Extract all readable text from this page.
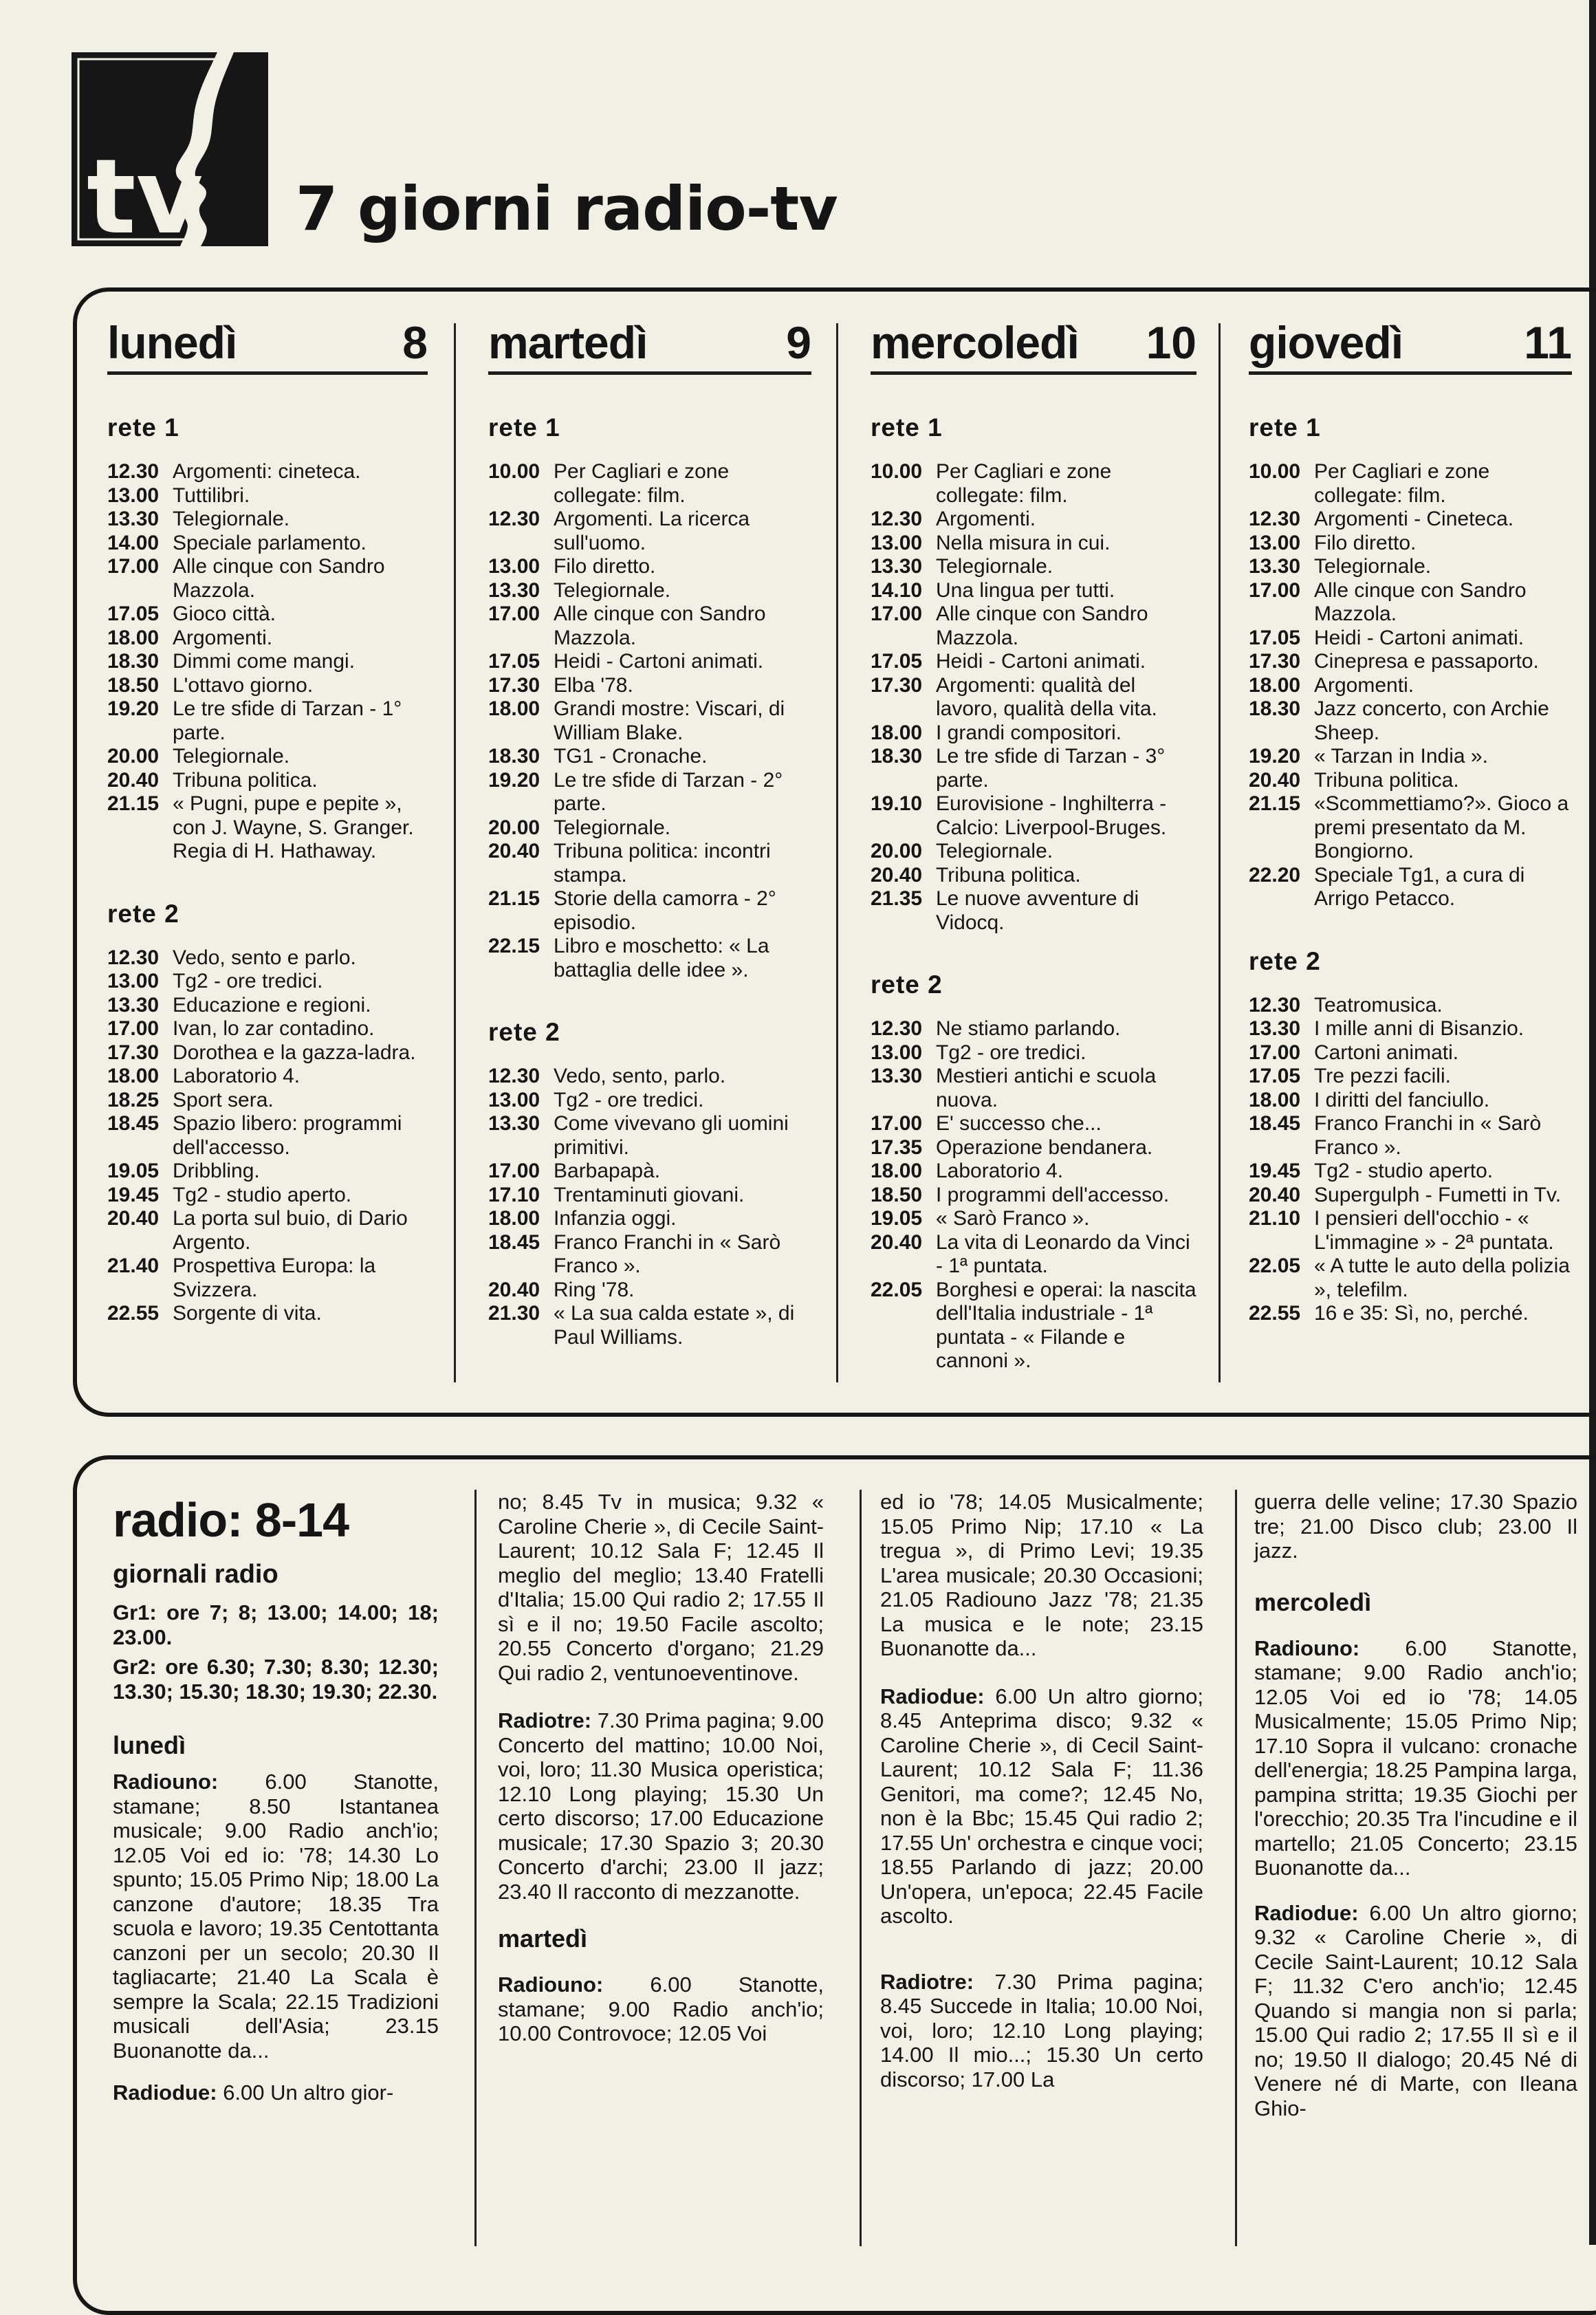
tv 7 giorni radio-tv
lunedì	8
rete 1
12.30 Argomenti: cineteca.
13.00 Tuttilibri.
13.30 Telegiornale.
14.00 Speciale parlamento.
17.00 Alle cinque con Sandro Mazzola.
17.05 Gioco città.
18.00 Argomenti.
18.30 Dimmi come mangi.
18.50 L'ottavo giorno.
19.20 Le tre sfide di Tarzan - 1° parte.
20.00 Telegiornale.
20.40 Tribuna politica.
21.15 « Pugni, pupe e pepite », con J. Wayne, S. Granger. Regia di H. Hathaway.
rete 2
12.30 Vedo, sento e parlo.
13.00 Tg2 - ore tredici.
13.30 Educazione e regioni.
17.00 Ivan, lo zar contadino.
17.30 Dorothea e la gazza-ladra.
18.00 Laboratorio 4.
18.25 Sport sera.
18.45 Spazio libero: programmi dell'accesso.
19.05 Dribbling.
19.45 Tg2 - studio aperto.
20.40 La porta sul buio, di Dario Argento.
21.40 Prospettiva Europa: la Svizzera.
22.55 Sorgente di vita.
martedì	9
rete 1
10.00 Per Cagliari e zone collegate: film.
12.30 Argomenti. La ricerca sull'uomo.
13.00 Filo diretto.
13.30 Telegiornale.
17.00 Alle cinque con Sandro Mazzola.
17.05 Heidi - Cartoni animati.
17.30 Elba '78.
18.00 Grandi mostre: Viscari, di William Blake.
18.30 TG1 - Cronache.
19.20 Le tre sfide di Tarzan - 2° parte.
20.00 Telegiornale.
20.40 Tribuna politica: incontri stampa.
21.15 Storie della camorra - 2° episodio.
22.15 Libro e moschetto: « La battaglia delle idee ».
rete 2
12.30 Vedo, sento, parlo.
13.00 Tg2 - ore tredici.
13.30 Come vivevano gli uomini primitivi.
17.00 Barbapapà.
17.10 Trentaminuti giovani.
18.00 Infanzia oggi.
18.45 Franco Franchi in « Sarò Franco ».
20.40 Ring '78.
21.30 « La sua calda estate », di Paul Williams.
mercoledì 10
rete 1
10.00 Per Cagliari e zone collegate: film.
12.30 Argomenti.
13.00 Nella misura in cui.
13.30 Telegiornale.
14.10 Una lingua per tutti.
17.00 Alle cinque con Sandro Mazzola.
17.05 Heidi - Cartoni animati.
17.30 Argomenti: qualità del lavoro, qualità della vita.
18.00 I grandi compositori.
18.30 Le tre sfide di Tarzan - 3° parte.
19.10 Eurovisione - Inghilterra - Calcio: Liverpool-Bruges.
20.00 Telegiornale.
20.40 Tribuna politica.
21.35 Le nuove avventure di Vidocq.
rete 2
12.30 Ne stiamo parlando.
13.00 Tg2 - ore tredici.
13.30 Mestieri antichi e scuola nuova.
17.00 E' successo che...
17.35 Operazione bendanera.
18.00 Laboratorio 4.
18.50 I programmi dell'accesso.
19.05 « Sarò Franco ».
20.40 La vita di Leonardo da Vinci - 1ª puntata.
22.05 Borghesi e operai: la nascita dell'Italia industriale - 1ª puntata - « Filande e cannoni ».
giovedì	11
rete 1
10.00 Per Cagliari e zone collegate: film.
12.30 Argomenti - Cineteca.
13.00 Filo diretto.
13.30 Telegiornale.
17.00 Alle cinque con Sandro Mazzola.
17.05 Heidi - Cartoni animati.
17.30 Cinepresa e passaporto.
18.00 Argomenti.
18.30 Jazz concerto, con Archie Sheep.
19.20 « Tarzan in India ».
20.40 Tribuna politica.
21.15 «Scommettiamo?». Gioco a premi presentato da M. Bongiorno.
22.20 Speciale Tg1, a cura di Arrigo Petacco.
rete 2
12.30 Teatromusica.
13.30 I mille anni di Bisanzio.
17.00 Cartoni animati.
17.05 Tre pezzi facili.
18.00 I diritti del fanciullo.
18.45 Franco Franchi in « Sarò Franco ».
19.45 Tg2 - studio aperto.
20.40 Supergulph - Fumetti in Tv.
21.10 I pensieri dell'occhio - « L'immagine » - 2ª puntata.
22.05 « A tutte le auto della polizia », telefilm.
22.55 16 e 35: Sì, no, perché.
radio: 8-14
giornali radio

Gr1: ore 7; 8; 13.00; 14.00; 18; 23.00.

Gr2: ore 6.30; 7.30; 8.30; 12.30; 13.30; 15.30; 18.30; 19.30; 22.30.

lunedì

Radiouno: 6.00 Stanotte, stamane; 8.50 Istantanea musicale; 9.00 Radio anch'io; 12.05 Voi ed io: '78; 14.30 Lo spunto; 15.05 Primo Nip; 18.00 La canzone d'autore; 18.35 Tra scuola e lavoro; 19.35 Centottanta canzoni per un secolo; 20.30 Il tagliacarte; 21.40 La Scala è sempre la Scala; 22.15 Tradizioni musicali dell'Asia; 23.15 Buonanotte da...

Radiodue: 6.00 Un altro gior-

no; 8.45 Tv in musica; 9.32 « Caroline Cherie », di Cecile Saint-Laurent; 10.12 Sala F; 12.45 Il meglio del meglio; 13.40 Fratelli d'Italia; 15.00 Qui radio 2; 17.55 Il sì e il no; 19.50 Facile ascolto; 20.55 Concerto d'organo; 21.29 Qui radio 2, ventunoeventinove.

Radiotre: 7.30 Prima pagina; 9.00 Concerto del mattino; 10.00 Noi, voi, loro; 11.30 Musica operistica; 12.10 Long playing; 15.30 Un certo discorso; 17.00 Educazione musicale; 17.30 Spazio 3; 20.30 Concerto d'archi; 23.00 Il jazz; 23.40 Il racconto di mezzanotte.

martedì

Radiouno: 6.00 Stanotte, stamane; 9.00 Radio anch'io; 10.00 Controvoce; 12.05 Voi

ed io '78; 14.05 Musicalmente; 15.05 Primo Nip; 17.10 « La tregua », di Primo Levi; 19.35 L'area musicale; 20.30 Occasioni; 21.05 Radiouno Jazz '78; 21.35 La musica e le note; 23.15 Buonanotte da...

Radiodue: 6.00 Un altro giorno; 8.45 Anteprima disco; 9.32 « Caroline Cherie », di Cecil Saint-Laurent; 10.12 Sala F; 11.36 Genitori, ma come?; 12.45 No, non è la Bbc; 15.45 Qui radio 2; 17.55 Un' orchestra e cinque voci; 18.55 Parlando di jazz; 20.00 Un'opera, un'epoca; 22.45 Facile ascolto.

Radiotre: 7.30 Prima pagina; 8.45 Succede in Italia; 10.00 Noi, voi, loro; 12.10 Long playing; 14.00 Il mio...; 15.30 Un certo discorso; 17.00 La

guerra delle veline; 17.30 Spazio tre; 21.00 Disco club; 23.00 Il jazz.

mercoledì

Radiouno: 6.00 Stanotte, stamane; 9.00 Radio anch'io; 12.05 Voi ed io '78; 14.05 Musicalmente; 15.05 Primo Nip; 17.10 Sopra il vulcano: cronache dell'energia; 18.25 Pampina larga, pampina stritta; 19.35 Giochi per l'orecchio; 20.35 Tra l'incudine e il martello; 21.05 Concerto; 23.15 Buonanotte da...

Radiodue: 6.00 Un altro giorno; 9.32 « Caroline Cherie », di Cecile Saint-Laurent; 10.12 Sala F; 11.32 C'ero anch'io; 12.45 Quando si mangia non si parla; 15.00 Qui radio 2; 17.55 Il sì e il no; 19.50 Il dialogo; 20.45 Né di Venere né di Marte, con Ileana Ghio-
